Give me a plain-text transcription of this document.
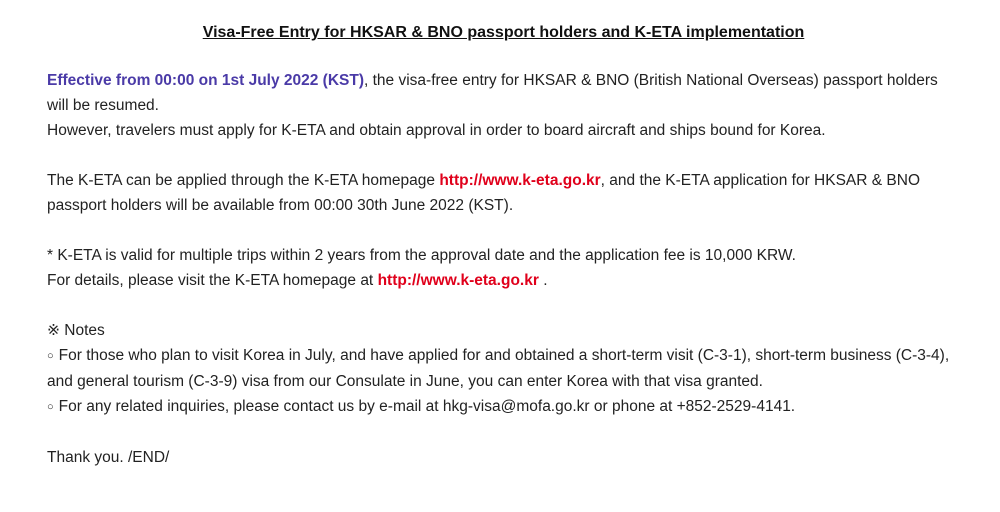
Visa-Free Entry for HKSAR & BNO passport holders and K-ETA implementation

Effective from 00:00 on 1st July 2022 (KST), the visa-free entry for HKSAR & BNO (British National Overseas) passport holders will be resumed.

However, travelers must apply for K-ETA and obtain approval in order to board aircraft and ships bound for Korea.

The K-ETA can be applied through the K-ETA homepage http://www.k-eta.go.kr, and the K-ETA application for HKSAR & BNO passport holders will be available from 00:00 30th June 2022 (KST).

* K-ETA is valid for multiple trips within 2 years from the approval date and the application fee is 10,000 KRW.

For details, please visit the K-ETA homepage at http://www.k-eta.go.kr .

※ Notes

○ For those who plan to visit Korea in July, and have applied for and obtained a short-term visit (C-3-1), short-term business (C-3-4), and general tourism (C-3-9) visa from our Consulate in June, you can enter Korea with that visa granted.

○ For any related inquiries, please contact us by e-mail at hkg-visa@mofa.go.kr or phone at +852-2529-4141.

Thank you. /END/
